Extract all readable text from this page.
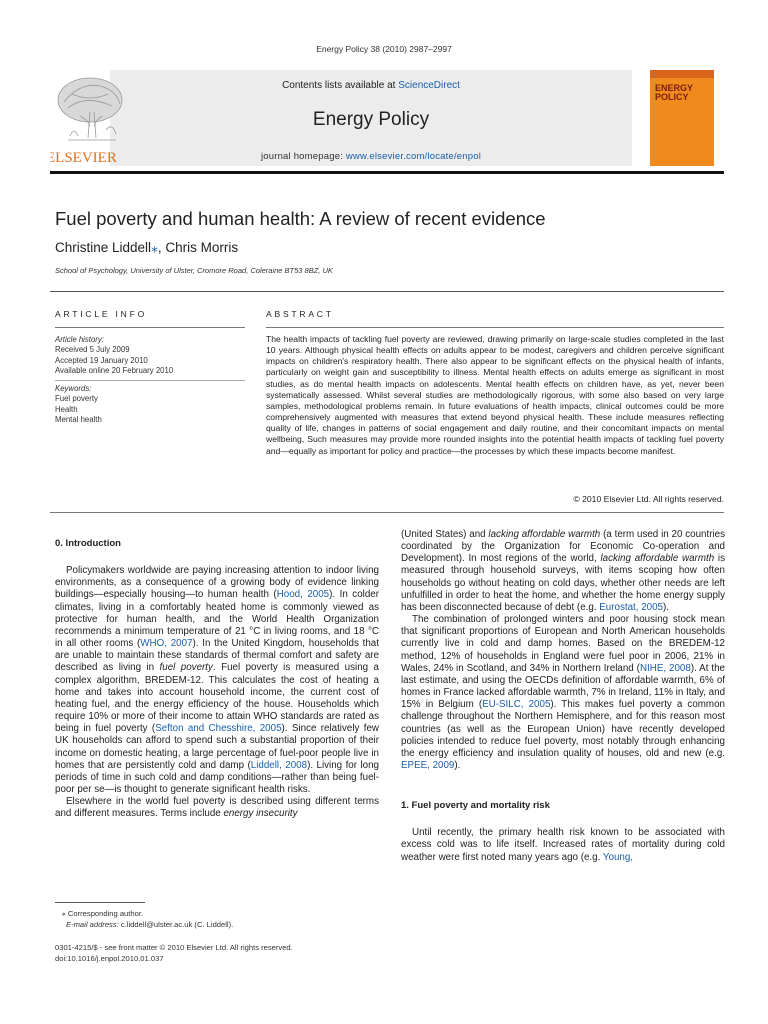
Energy Policy 38 (2010) 2987–2997
Contents lists available at ScienceDirect
Energy Policy
journal homepage: www.elsevier.com/locate/enpol
ELSEVIER
ENERGY
POLICY
Fuel poverty and human health: A review of recent evidence
Christine Liddell⁎, Chris Morris
School of Psychology, University of Ulster, Cromore Road, Coleraine BT53 8BZ, UK
ARTICLE INFO	ABSTRACT
Article history:
Received 5 July 2009
Accepted 19 January 2010
Available online 20 February 2010
Keywords:
Fuel poverty
Health
Mental health
The health impacts of tackling fuel poverty are reviewed, drawing primarily on large-scale studies completed in the last 10 years. Although physical health effects on adults appear to be modest, caregivers and children perceive significant impacts on children's respiratory health. There also appear to be significant effects on the physical health of infants, particularly on weight gain and susceptibility to illness. Mental health effects on adults emerge as significant in most studies, as do mental health impacts on adolescents. Mental health effects on children have, as yet, never been systematically assessed. Whilst several studies are methodologically rigorous, with some also based on very large samples, methodological problems remain. In future evaluations of health impacts, clinical outcomes could be more comprehensively augmented with measures that extend beyond physical health. These include measures reflecting quality of life, changes in patterns of social engagement and daily routine, and their concomitant impacts on mental wellbeing, Such measures may provide more rounded insights into the potential health impacts of tackling fuel poverty and—equally as important for policy and practice—the processes by which these impacts become manifest.
© 2010 Elsevier Ltd. All rights reserved.

0. Introduction

Policymakers worldwide are paying increasing attention to indoor living environments, as a consequence of a growing body of evidence linking buildings—especially housing—to human health (Hood, 2005). In colder climates, living in a comfortably heated home is commonly viewed as protective for human health, and the World Health Organization recommends a minimum temperature of 21 °C in living rooms, and 18 °C in all other rooms (WHO, 2007). In the United Kingdom, households that are unable to maintain these standards of thermal comfort and safety are described as living in fuel poverty. Fuel poverty is measured using a complex algorithm, BREDEM-12. This calculates the cost of heating a home and takes into account household income, the current cost of heating fuel, and the energy efficiency of the house. Households which require 10% or more of their income to attain WHO standards are rated as being in fuel poverty (Sefton and Chesshire, 2005). Since relatively few UK households can afford to spend such a substantial proportion of their income on domestic heating, a large percentage of fuel-poor people live in homes that are persistently cold and damp (Liddell, 2008). Living for long periods of time in such cold and damp conditions—rather than being fuel-poor per se—is thought to generate significant health risks.

Elsewhere in the world fuel poverty is described using different terms and different measures. Terms include energy insecurity

(United States) and lacking affordable warmth (a term used in 20 countries coordinated by the Organization for Economic Co-operation and Development). In most regions of the world, lacking affordable warmth is measured through household surveys, with items scoping how often households go without heating on cold days, whether other needs are left unfulfilled in order to heat the home, and whether the home energy supply has been disconnected because of debt (e.g. Eurostat, 2005).

The combination of prolonged winters and poor housing stock mean that significant proportions of European and North American households currently live in cold and damp homes. Based on the BREDEM-12 method, 12% of households in England were fuel poor in 2006, 21% in Wales, 24% in Scotland, and 34% in Northern Ireland (NIHE, 2008). At the last estimate, and using the OECDs definition of affordable warmth, 6% of homes in France lacked affordable warmth, 7% in Ireland, 11% in Italy, and 15% in Belgium (EU-SILC, 2005). This makes fuel poverty a common challenge throughout the Northern Hemisphere, and for this reason most countries (as well as the European Union) have recently developed policies intended to reduce fuel poverty, most notably through enhancing the energy efficiency and insulation quality of houses, old and new (e.g. EPEE, 2009).

1. Fuel poverty and mortality risk

Until recently, the primary health risk known to be associated with excess cold was to life itself. Increased rates of mortality during cold weather were first noted many years ago (e.g. Young,

⁎ Corresponding author.
E-mail address: c.liddell@ulster.ac.uk (C. Liddell).
0301-4215/$ - see front matter © 2010 Elsevier Ltd. All rights reserved.
doi:10.1016/j.enpol.2010.01.037
